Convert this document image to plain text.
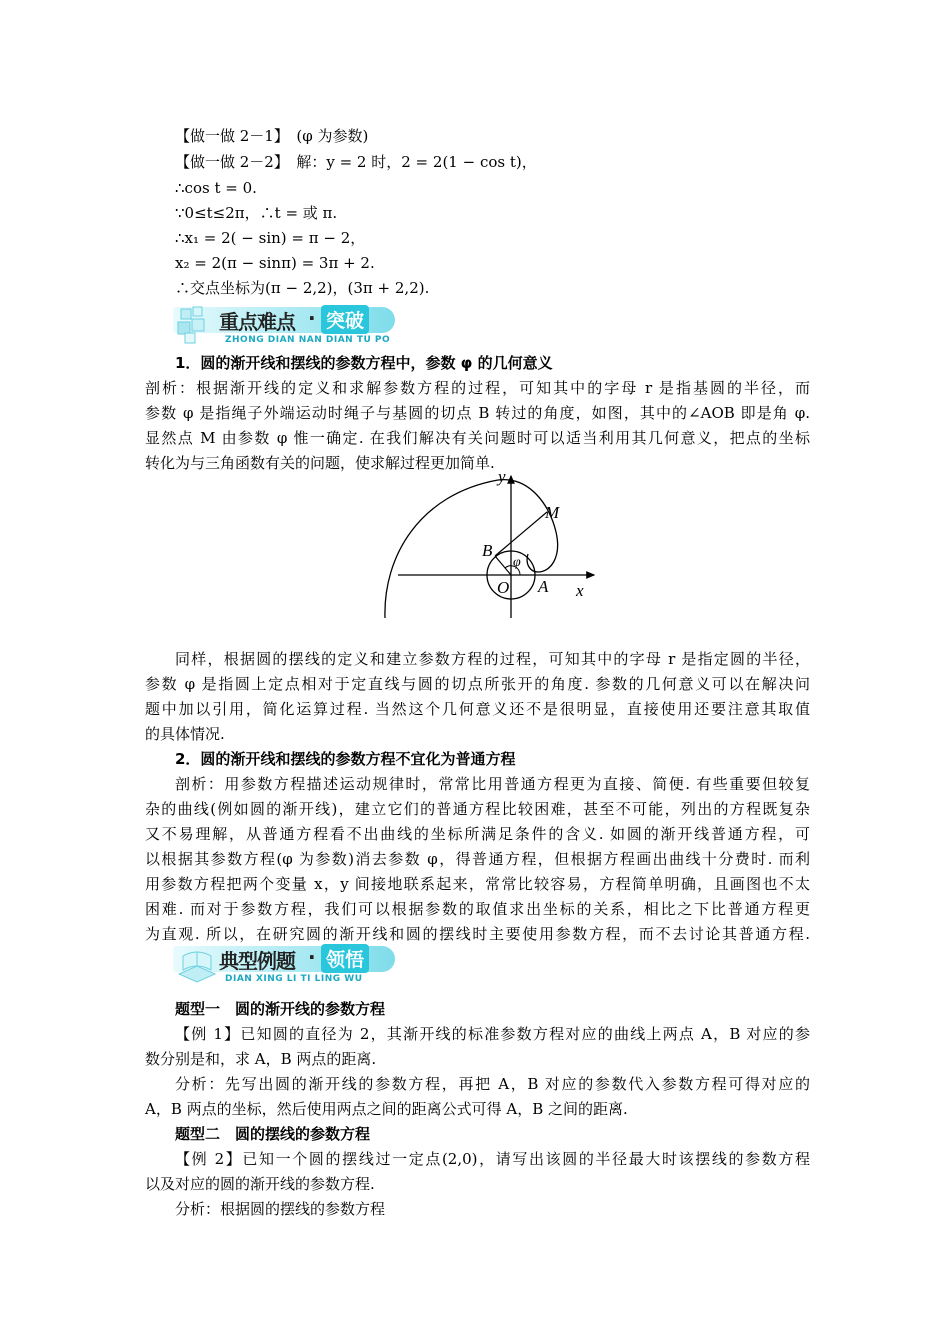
【做一做 2－1】　(φ 为参数)
【做一做 2－2】　解：y = 2 时，2 = 2(1 − cos t)，
∴cos t = 0.
∵0≤t≤2π，∴t = 或 π.
∴x₁ = 2( − sin) = π − 2，
x₂ = 2(π − sinπ) = 3π + 2.
∴交点坐标为(π − 2,2)，(3π + 2,2).
重点难点 · 突破
ZHONG DIAN NAN DIAN TU PO
1．圆的渐开线和摆线的参数方程中，参数 φ 的几何意义
剖析：根据渐开线的定义和求解参数方程的过程，可知其中的字母 r 是指基圆的半径，而
参数 φ 是指绳子外端运动时绳子与基圆的切点 B 转过的角度，如图，其中的∠AOB 即是角 φ.
显然点 M 由参数 φ 惟一确定. 在我们解决有关问题时可以适当利用其几何意义，把点的坐标
转化为与三角函数有关的问题，使求解过程更加简单.
y
x
M
B
O A
φ
同样，根据圆的摆线的定义和建立参数方程的过程，可知其中的字母 r 是指定圆的半径，
参数 φ 是指圆上定点相对于定直线与圆的切点所张开的角度. 参数的几何意义可以在解决问
题中加以引用，简化运算过程. 当然这个几何意义还不是很明显，直接使用还要注意其取值
的具体情况.
2．圆的渐开线和摆线的参数方程不宜化为普通方程
剖析：用参数方程描述运动规律时，常常比用普通方程更为直接、简便. 有些重要但较复
杂的曲线(例如圆的渐开线)，建立它们的普通方程比较困难，甚至不可能，列出的方程既复杂
又不易理解，从普通方程看不出曲线的坐标所满足条件的含义. 如圆的渐开线普通方程，可
以根据其参数方程(φ 为参数)消去参数 φ，得普通方程，但根据方程画出曲线十分费时. 而利
用参数方程把两个变量 x，y 间接地联系起来，常常比较容易，方程简单明确，且画图也不太
困难. 而对于参数方程，我们可以根据参数的取值求出坐标的关系，相比之下比普通方程更
为直观. 所以，在研究圆的渐开线和圆的摆线时主要使用参数方程，而不去讨论其普通方程.
典型例题 · 领悟
DIAN XING LI TI LING WU
题型一　圆的渐开线的参数方程
【例 1】已知圆的直径为 2，其渐开线的标准参数方程对应的曲线上两点 A，B 对应的参
数分别是和，求 A，B 两点的距离.
分析：先写出圆的渐开线的参数方程，再把 A，B 对应的参数代入参数方程可得对应的
A，B 两点的坐标，然后使用两点之间的距离公式可得 A，B 之间的距离.
题型二　圆的摆线的参数方程
【例 2】已知一个圆的摆线过一定点(2,0)，请写出该圆的半径最大时该摆线的参数方程
以及对应的圆的渐开线的参数方程.
分析：根据圆的摆线的参数方程
